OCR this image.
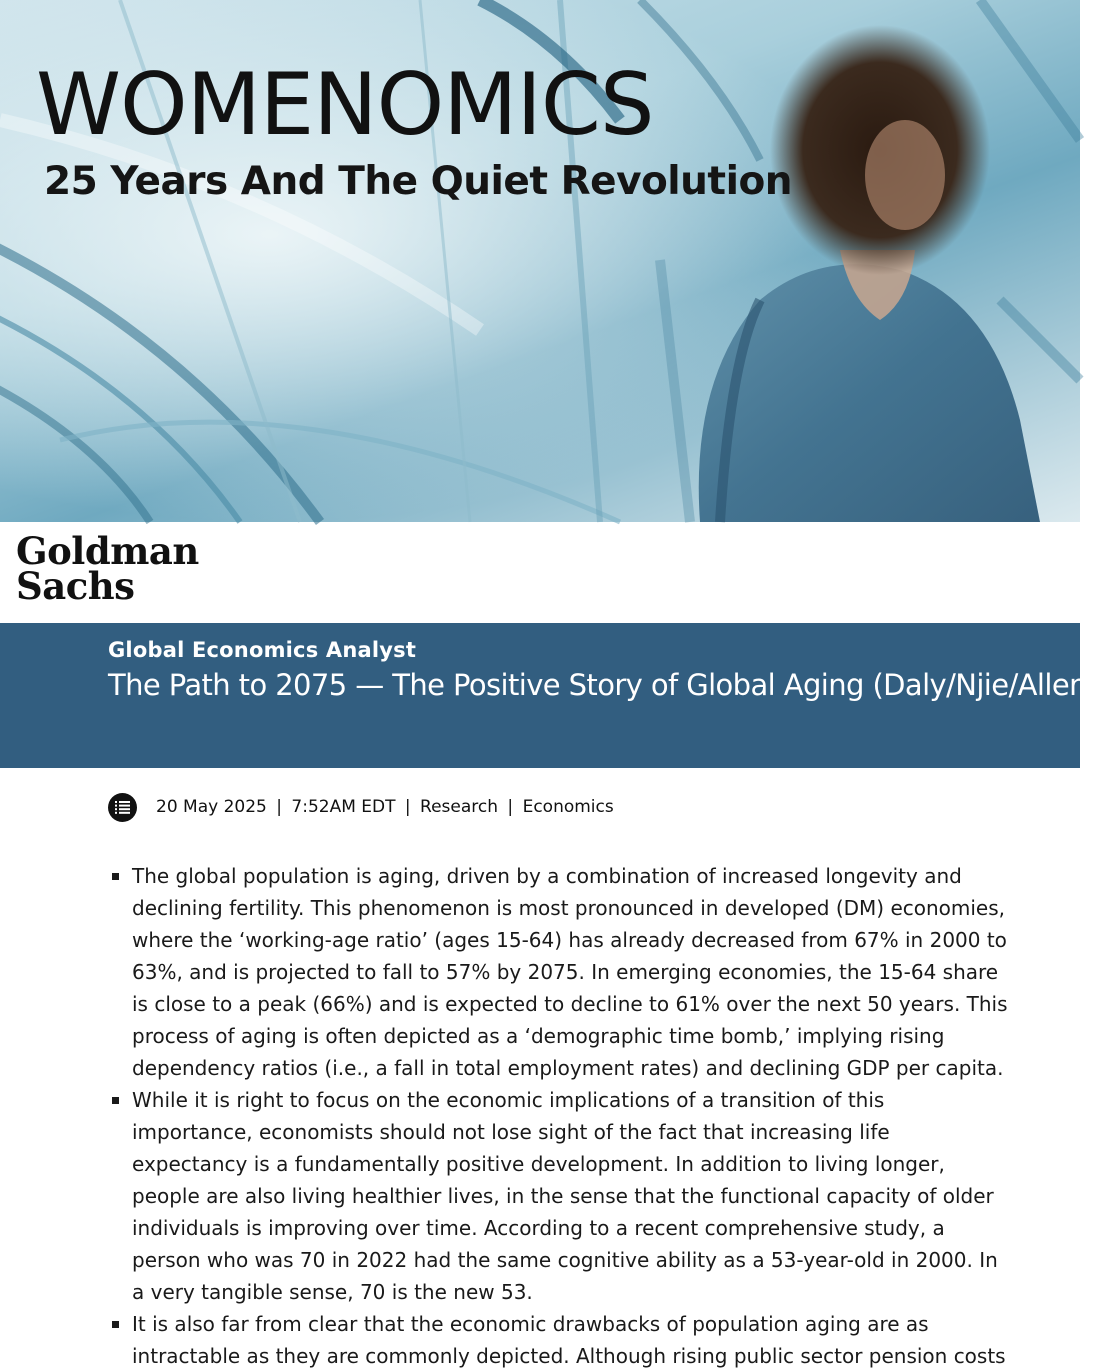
WOMENOMICS
25 Years And The Quiet Revolution
Goldman
Sachs
Global Economics Analyst
The Path to 2075 — The Positive Story of Global Aging (Daly/Njie/Allen)
20 May 2025 | 7:52AM EDT | Research | Economics
The global population is aging, driven by a combination of increased longevity and
declining fertility. This phenomenon is most pronounced in developed (DM) economies,
where the ‘working-age ratio’ (ages 15-64) has already decreased from 67% in 2000 to
63%, and is projected to fall to 57% by 2075. In emerging economies, the 15-64 share
is close to a peak (66%) and is expected to decline to 61% over the next 50 years. This
process of aging is often depicted as a ‘demographic time bomb,’ implying rising
dependency ratios (i.e., a fall in total employment rates) and declining GDP per capita.
While it is right to focus on the economic implications of a transition of this
importance, economists should not lose sight of the fact that increasing life
expectancy is a fundamentally positive development. In addition to living longer,
people are also living healthier lives, in the sense that the functional capacity of older
individuals is improving over time. According to a recent comprehensive study, a
person who was 70 in 2022 had the same cognitive ability as a 53-year-old in 2000. In
a very tangible sense, 70 is the new 53.
It is also far from clear that the economic drawbacks of population aging are as
intractable as they are commonly depicted. Although rising public sector pension costs
